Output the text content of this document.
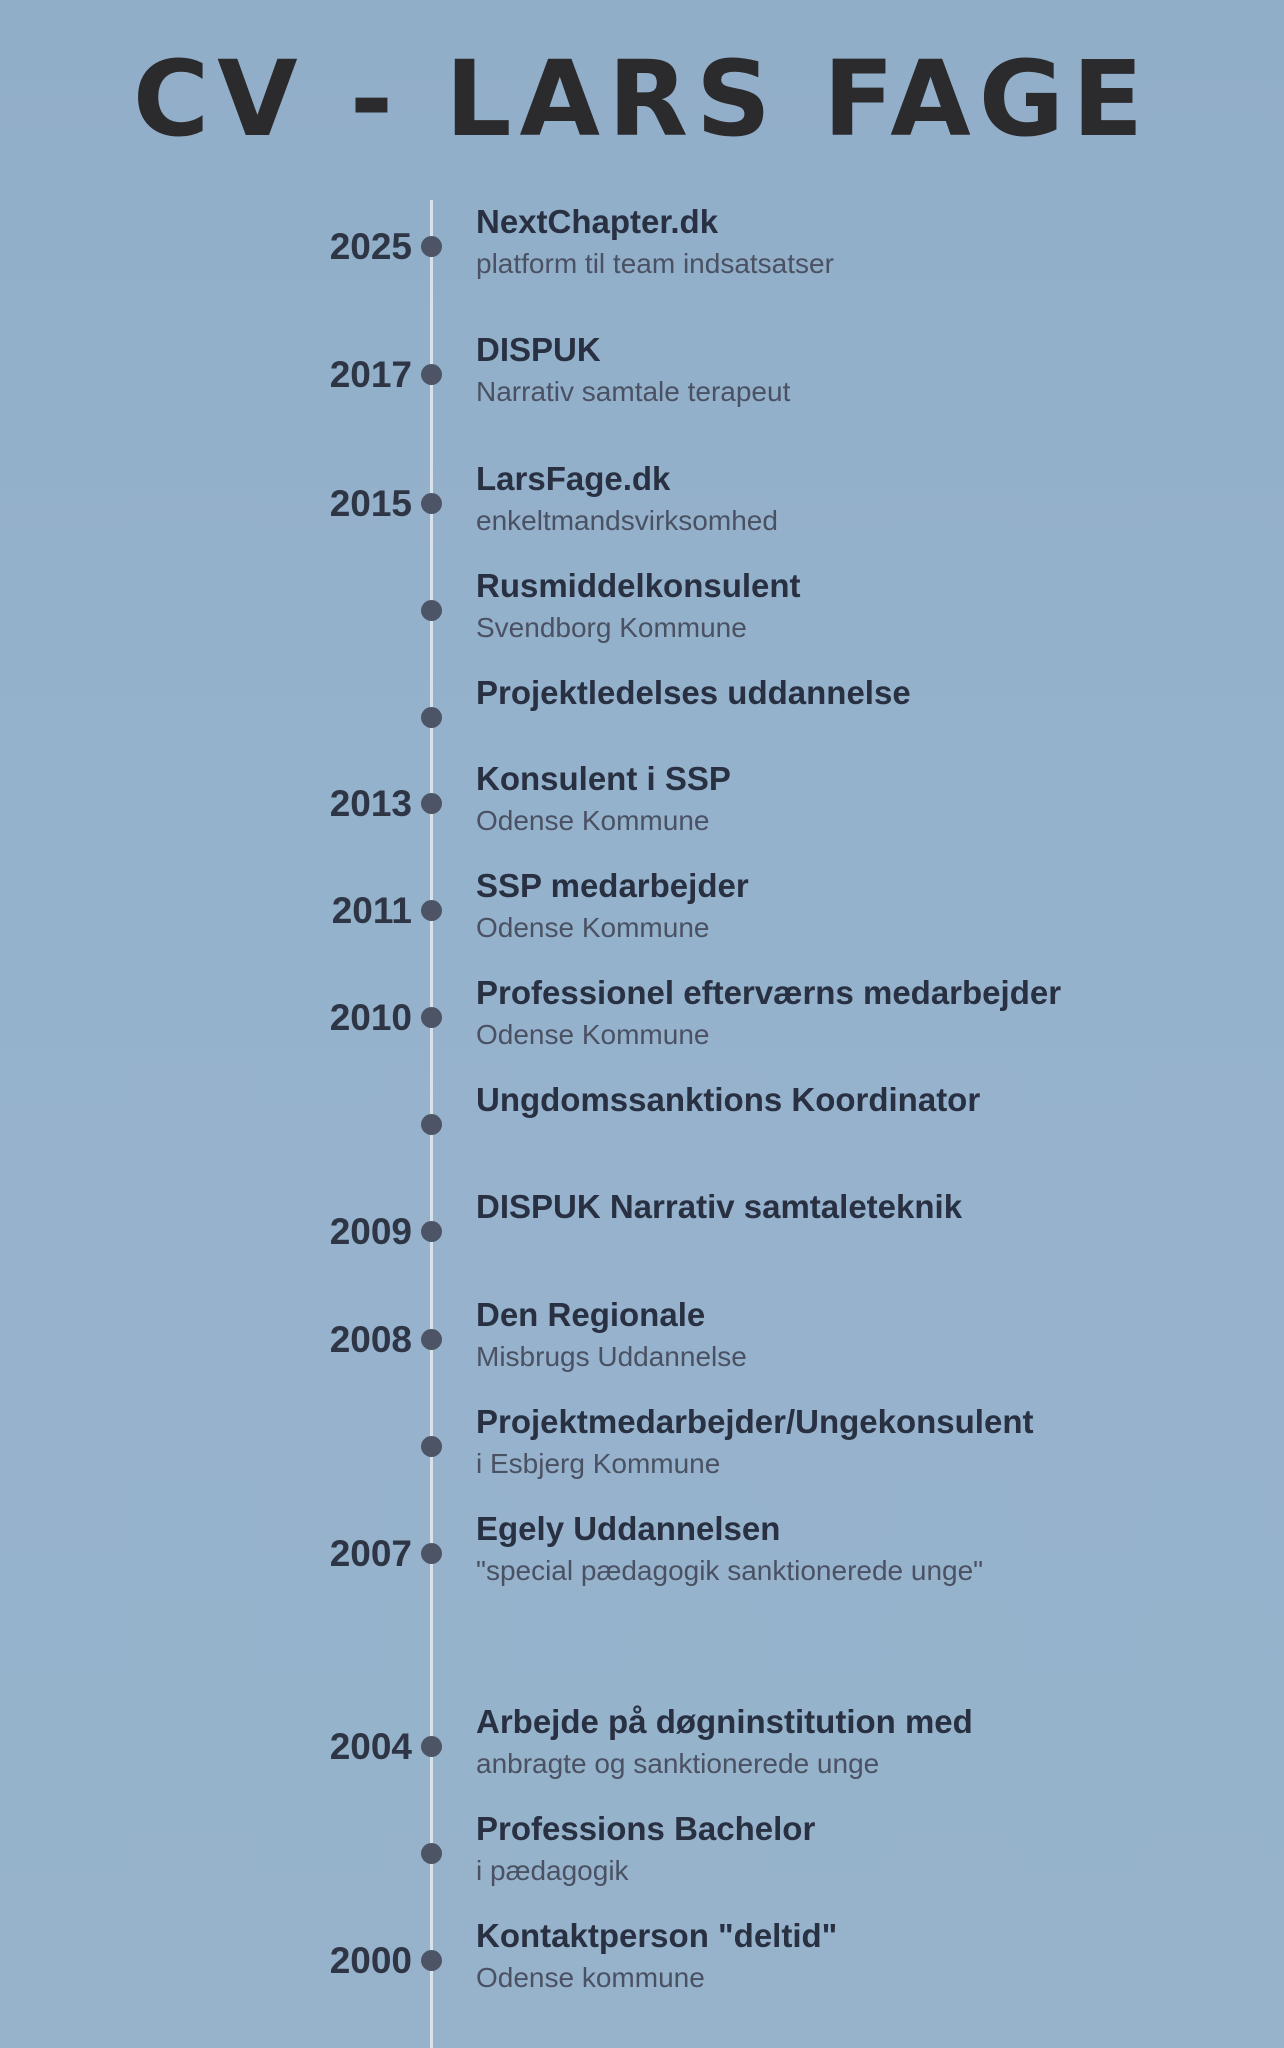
CV - LARS FAGE
2025
NextChapter.dk
platform til team indsatsatser
2017
DISPUK
Narrativ samtale terapeut
2015
LarsFage.dk
enkeltmandsvirksomhed
Rusmiddelkonsulent
Svendborg Kommune
Projektledelses uddannelse
2013
Konsulent i SSP
Odense Kommune
2011
SSP medarbejder
Odense Kommune
2010
Professionel efterværns medarbejder
Odense Kommune
Ungdomssanktions Koordinator
2009
DISPUK Narrativ samtaleteknik
2008
Den Regionale
Misbrugs Uddannelse
Projektmedarbejder/Ungekonsulent
i Esbjerg Kommune
2007
Egely Uddannelsen
"special pædagogik sanktionerede unge"
2004
Arbejde på døgninstitution med
anbragte og sanktionerede unge
Professions Bachelor
i pædagogik
2000
Kontaktperson "deltid"
Odense kommune
